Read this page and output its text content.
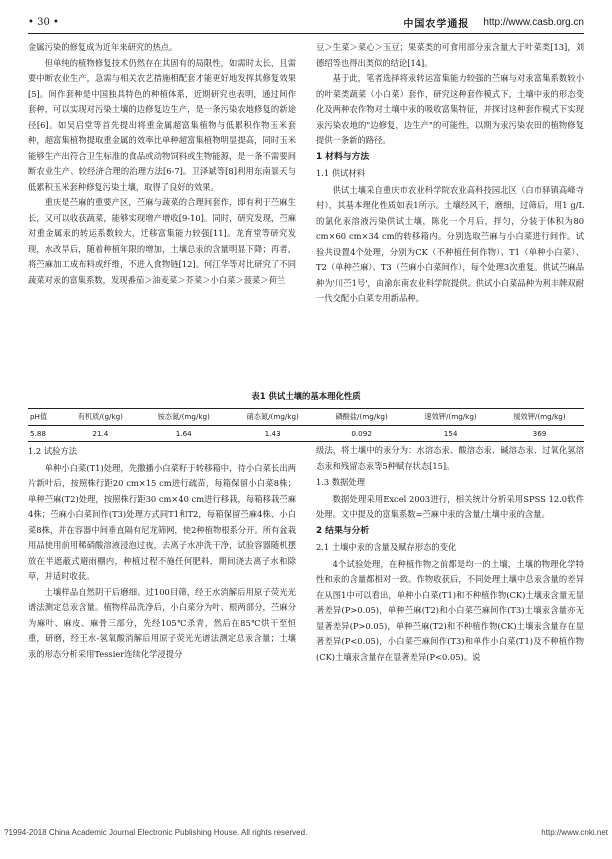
• 30 •	中国农学通报 http://www.casb.org.cn

金属污染的修复成为近年来研究的热点。

但单纯的植物修复技术仍然存在其固有的局限性，如需时太长，且需要中断农业生产，急需与相关农艺措施相配套才能更好地发挥其修复效果[5]。间作套种是中国独具特色的种植体系，近期研究也表明，通过间作套种，可以实现对污染土壤的边修复边生产，是一条污染农地修复的新途径[6]。如吴启堂等首先提出将重金属超富集植物与低累积作物玉米套种，超富集植物提取重金属的效率比单种超富集植物明显提高，同时玉米能够生产出符合卫生标准的食品或动物饲料或生物能源，是一条不需要间断农业生产、较经济合理的治理方法[6-7]。卫泽斌等[8]利用东南景天与低累积玉米套种修复污染土壤，取得了良好的效果。

重庆是苎麻的重要产区，苎麻与蔬菜的合理间套作，即有利于苎麻生长，又可以收获蔬菜，能够实现增产增收[9-10]。同时，研究发现，苎麻对重金属汞的转运系数较大，迁移富集能力较强[11]。龙育堂等研究发现，水改旱后，随着种植年限的增加，土壤总汞的含量明显下降；再者，将苎麻加工成布料或纤维，不进入食物链[12]。何江华等对比研究了不同蔬菜对汞的富集系数，发现番茄＞油麦菜＞芥菜＞小白菜＞菠菜＞荷兰

豆＞生菜＞菜心＞玉豆；果菜类的可食用部分汞含量大于叶菜类[13]，刘德绍等也得出类似的结论[14]。

基于此，笔者选择将汞转运富集能力较强的苎麻与对汞富集系数较小的叶菜类蔬菜（小白菜）套作，研究这种套作模式下，土壤中汞的形态变化及两种农作物对土壤中汞的吸收富集特征，并探讨这种套作模式下实现汞污染农地的"边修复，边生产"的可能性，以期为汞污染农田的植物修复提供一条新的路径。

1 材料与方法
1.1 供试材料

供试土壤采自重庆市农业科学院农业高科技园北区（白市驿镇高峰寺村），其基本理化性质如表1所示。土壤经风干，磨细，过筛后，用1 g/L的氯化汞溶液污染供试土壤，陈化一个月后，拌匀，分装于体积为80 cm×60 cm×34 cm的转移箱内。分别选取苎麻与小白菜进行间作。试验共设置4个处理，分别为CK（不种植任何作物）、T1（单种小白菜）、T2（单种苎麻）、T3（苎麻小白菜间作），每个处理3次重复。供试苎麻品种为'川苎1号'，由渝东南农业科学院提供。供试小白菜品种为利丰牌双耐一代交配小白菜专用新品种。

表1 供试土壤的基本理化性质
pH值	有机质/(g/kg)	铵态氮/(mg/kg)	硝态氮/(mg/kg)	磷酸盐/(mg/kg)	速效钾/(mg/kg)	缓效钾/(mg/kg)
5.88	21.4	1.64	1.43	0.092	154	369
1.2 试验方法

单种小白菜(T1)处理，先撒播小白菜籽于转移箱中，待小白菜长出两片新叶后，按照株行距20 cm×15 cm进行疏苗，每箱保留小白菜8株；单种苎麻(T2)处理，按照株行距30 cm×40 cm进行移栽，每箱移栽苎麻4株；苎麻小白菜间作(T3)处理方式同T1和T2，每箱保留苎麻4株、小白菜8株，并在容器中间垂直隔有尼龙筛网，使2种植物根系分开。所有盆栽用品使用前用稀硝酸溶液浸泡过夜，去离子水冲洗干净，试验容器随机摆放在半遮蔽式避雨棚内，种植过程不施任何肥料，期间浇去离子水和除草，并适时收获。

土壤样品自然阴干后磨细、过100目筛，经王水消解后用原子荧光光谱法测定总汞含量。植物样品洗净后，小白菜分为叶、根两部分，苎麻分为麻叶、麻皮、麻骨三部分，先经105℃杀青，然后在85℃烘干至恒重，研磨，经王水-氢氧酸消解后用原子荧光光谱法测定总汞含量；土壤汞的形态分析采用Tessier连续化学浸提分

级法，将土壤中的汞分为：水溶态汞、酸溶态汞、碱溶态汞、过氧化氢溶态汞和残留态汞等5种赋存状态[15]。

1.3 数据处理

数据处理采用Excel 2003进行，相关统计分析采用SPSS 12.0软件处理。文中提及的富集系数=苎麻中汞的含量/土壤中汞的含量。

2 结果与分析
2.1 土壤中汞的含量及赋存形态的变化

4个试验处理，在种植作物之前都是均一的土壤，土壤的物理化学特性和汞的含量都相对一致。作物收获后，不同处理土壤中总汞含量的差异在从图1中可以看出，单种小白菜(T1)和不种植作物(CK)土壤汞含量无显著差异(P>0.05)，单种苎麻(T2)和小白菜苎麻间作(T3)土壤汞含量亦无显著差异(P>0.05)，单种苎麻(T2)和不种植作物(CK)土壤汞含量存在显著差异(P<0.05)，小白菜苎麻间作(T3)和单作小白菜(T1)及不种植作物(CK)土壤汞含量存在显著差异(P<0.05)。说

?1994-2018 China Academic Journal Electronic Publishing House. All rights reserved.	http://www.cnki.net
